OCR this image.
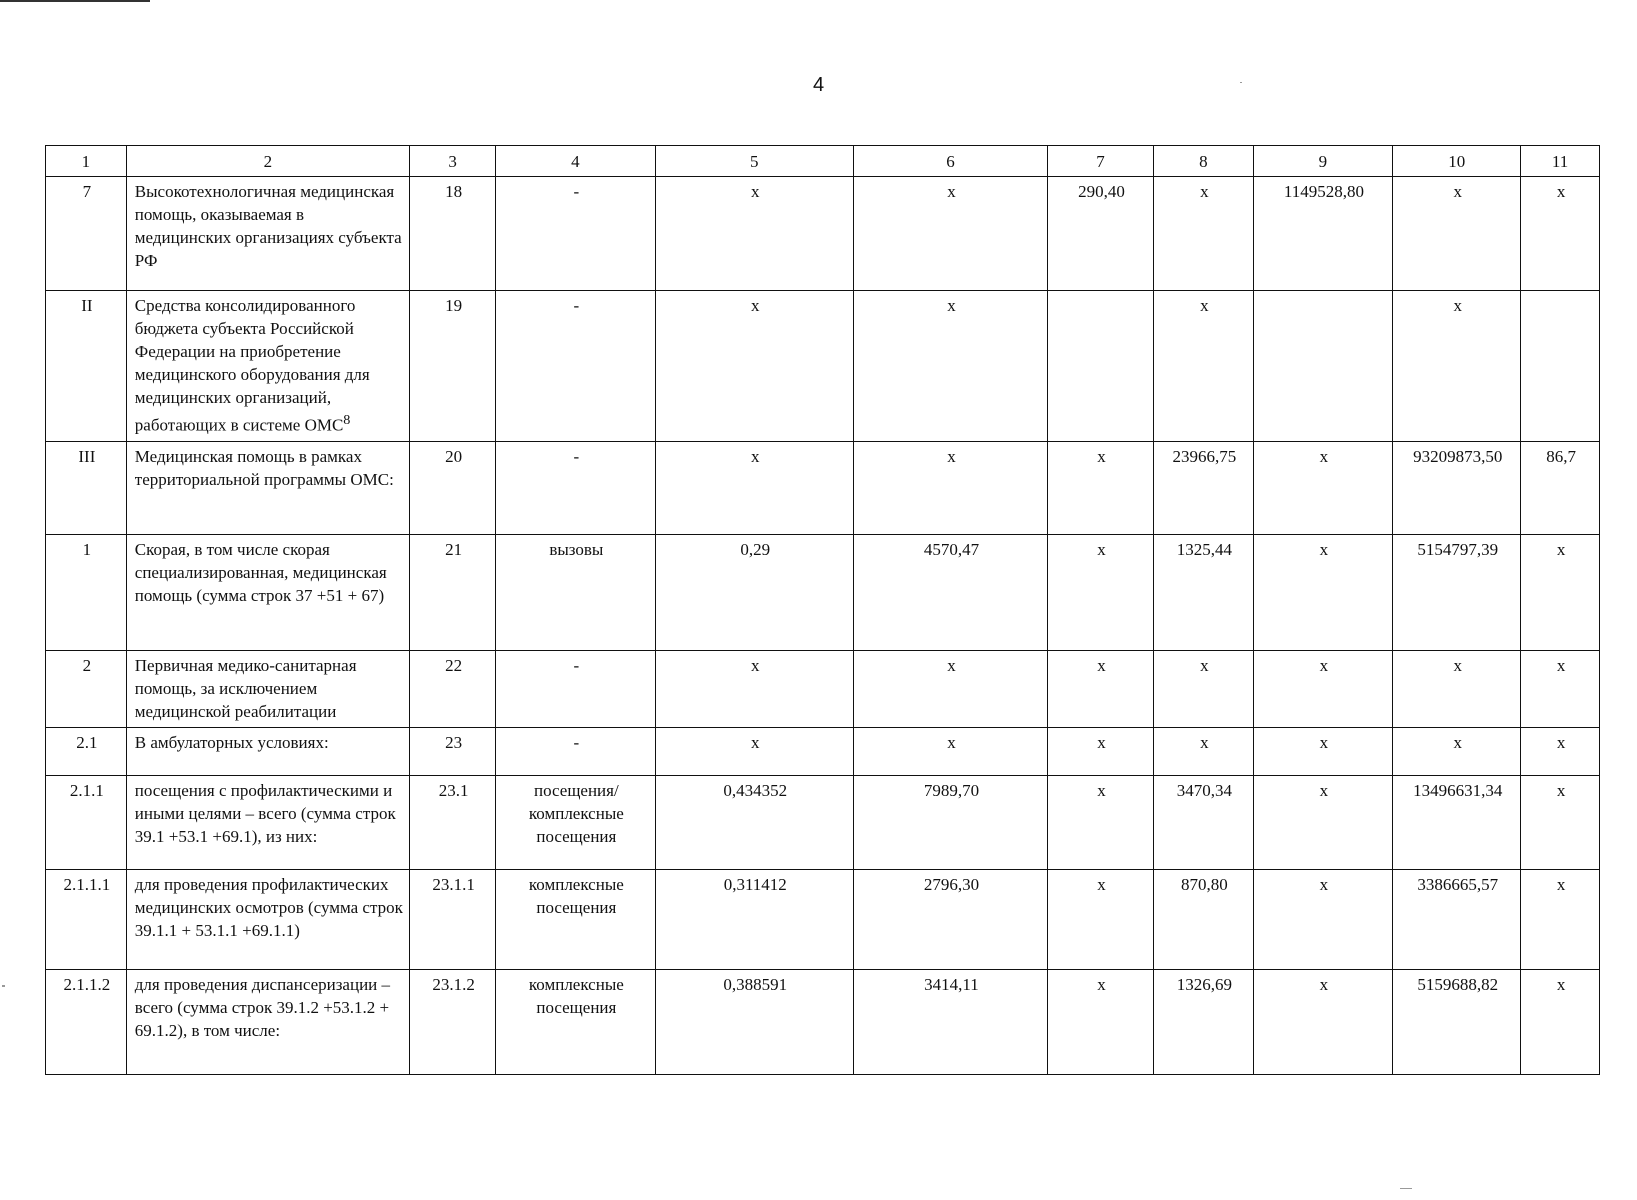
4
1	2	3	4	5	6	7	8	9	10	11
7	Высокотехнологичная медицинская помощь, оказываемая в медицинских организациях субъекта РФ	18	-	х	х	290,40	х	1149528,80	х	х
II	Средства консолидированного бюджета субъекта Российской Федерации на приобретение медицинского оборудования для медицинских организаций, работающих в системе ОМС$^8$	19	-	х	х		х		х	
III	Медицинская помощь в рамках территориальной программы ОМС:	20	-	х	х	х	23966,75	х	93209873,50	86,7
1	Скорая, в том числе скорая специализированная, медицинская помощь (сумма строк 37 +51 + 67)	21	вызовы	0,29	4570,47	х	1325,44	х	5154797,39	х
2	Первичная медико-санитарная помощь, за исключением медицинской реабилитации	22	-	х	х	х	х	х	х	х
2.1	В амбулаторных условиях:	23	-	х	х	х	х	х	х	х
2.1.1	посещения с профилактическими и иными целями – всего (сумма строк 39.1 +53.1 +69.1), из них:	23.1	посещения/ комплексные посещения	0,434352	7989,70	х	3470,34	х	13496631,34	х
2.1.1.1	для проведения профилактических медицинских осмотров (сумма строк 39.1.1 + 53.1.1 +69.1.1)	23.1.1	комплексные посещения	0,311412	2796,30	х	870,80	х	3386665,57	х
2.1.1.2	для проведения диспансеризации – всего (сумма строк 39.1.2 +53.1.2 + 69.1.2), в том числе:	23.1.2	комплексные посещения	0,388591	3414,11	х	1326,69	х	5159688,82	х
